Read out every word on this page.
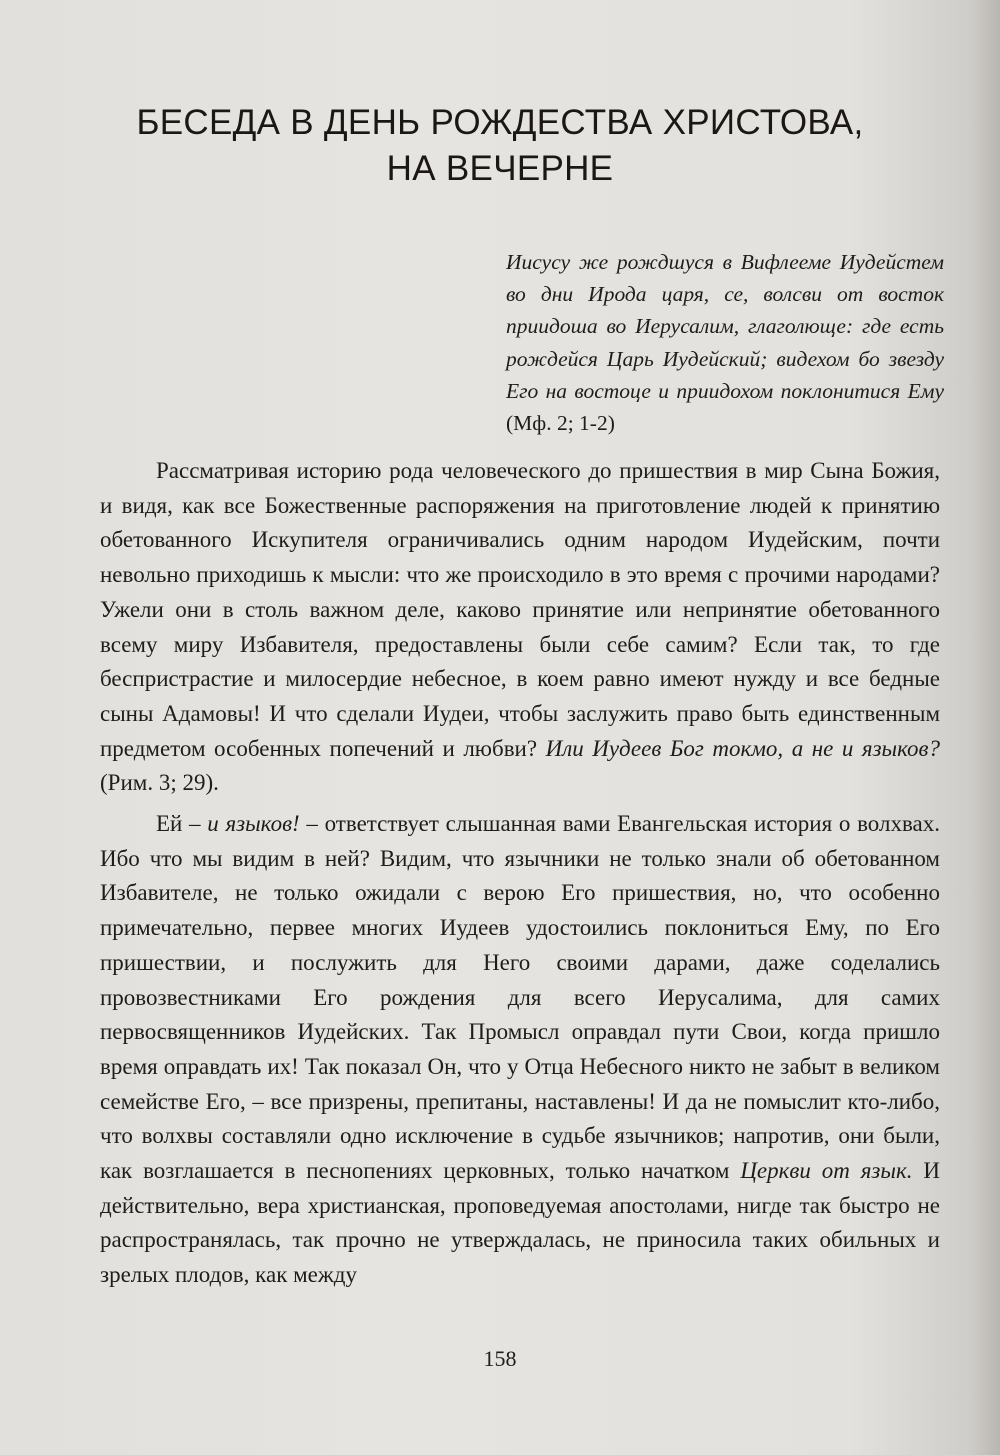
БЕСЕДА В ДЕНЬ РОЖДЕСТВА ХРИСТОВА,
НА ВЕЧЕРНЕ
Иисусу же рождшуся в Вифлееме Иудейстем во дни Ирода царя, се, волсви от восток приидоша во Иерусалим, глаголюще: где есть рождейся Царь Иудейский; видехом бо звезду Его на востоце и приидохом поклонитися Ему (Мф. 2; 1-2)

Рассматривая историю рода человеческого до пришествия в мир Сына Божия, и видя, как все Божественные распоряжения на приготовление людей к принятию обетованного Искупителя ограничивались одним народом Иудейским, почти невольно приходишь к мысли: что же происходило в это время с прочими народами? Ужели они в столь важном деле, каково принятие или непринятие обетованного всему миру Избавителя, предоставлены были себе самим? Если так, то где беспристрастие и милосердие небесное, в коем равно имеют нужду и все бедные сыны Адамовы! И что сделали Иудеи, чтобы заслужить право быть единственным предметом особенных попечений и любви? Или Иудеев Бог токмо, а не и языков? (Рим. 3; 29).

Ей – и языков! – ответствует слышанная вами Евангельская история о волхвах. Ибо что мы видим в ней? Видим, что язычники не только знали об обетованном Избавителе, не только ожидали с верою Его пришествия, но, что особенно примечательно, первее многих Иудеев удостоились поклониться Ему, по Его пришествии, и послужить для Него своими дарами, даже соделались провозвестниками Его рождения для всего Иерусалима, для самих первосвященников Иудейских. Так Промысл оправдал пути Свои, когда пришло время оправдать их! Так показал Он, что у Отца Небесного никто не забыт в великом семействе Его, – все призрены, препитаны, наставлены! И да не помыслит кто-либо, что волхвы составляли одно исключение в судьбе язычников; напротив, они были, как возглашается в песнопениях церковных, только начатком Церкви от язык. И действительно, вера христианская, проповедуемая апостолами, нигде так быстро не распространялась, так прочно не утверждалась, не приносила таких обильных и зрелых плодов, как между

158
